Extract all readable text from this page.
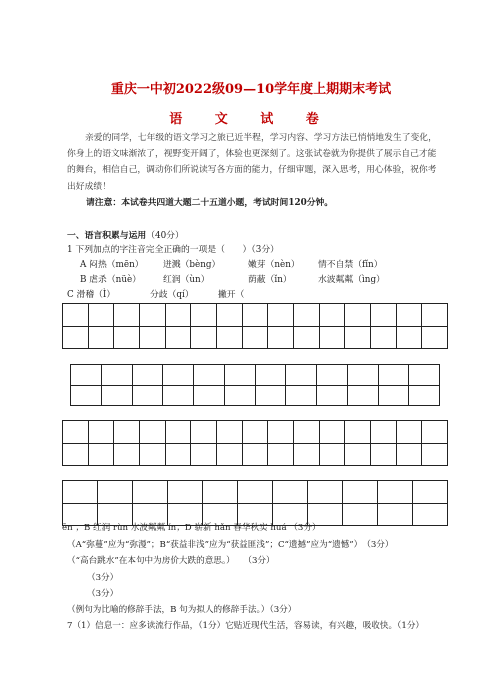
重庆一中初2022级09—10学年度上期期末考试
语 文 试 卷

亲爱的同学，七年级的语文学习之旅已近半程，学习内容、学习方法已悄悄地发生了变化，你身上的语文味渐浓了，视野变开阔了，体验也更深刻了。这张试卷就为你提供了展示自己才能的舞台，相信自己，调动你们所说读写各方面的能力，仔细审题，深入思考，用心体验，祝你考出好成绩！

请注意：本试卷共四道大题二十五道小题，考试时间120分钟。
一、语言积累与运用（40分）
1 下列加点的字注音完全正确的一项是（　　）（3分）
A 闷热（mēn） 迸溅（bèng）	嫩芽（nèn） 情不自禁（fǐn）
B 虐杀（nüè）	红润（ùn）	荫蔽（ǐn）	水波粼粼（ìng）
C 滑稽（Ì）	分歧（qí）	撇开（

ēn ；B 红润 rùn 水波粼粼 ín；D 崭新 hǎn 春华秋实 huá （3分）
（A“弥蔓”应为“弥漫”；B“获益非浅”应为“获益匪浅”；C“遗撼”应为“遗憾”）　（3分）
（“高台跳水”在本句中为房价大跌的意思。）　　（3分）
（3分）
（3分）
（例句为比喻的修辞手法，B 句为拟人的修辞手法。）（3分）
7（1）信息一：应多读流行作品，（1分）它贴近现代生活，容易读，有兴趣，吸收快。（1分）
